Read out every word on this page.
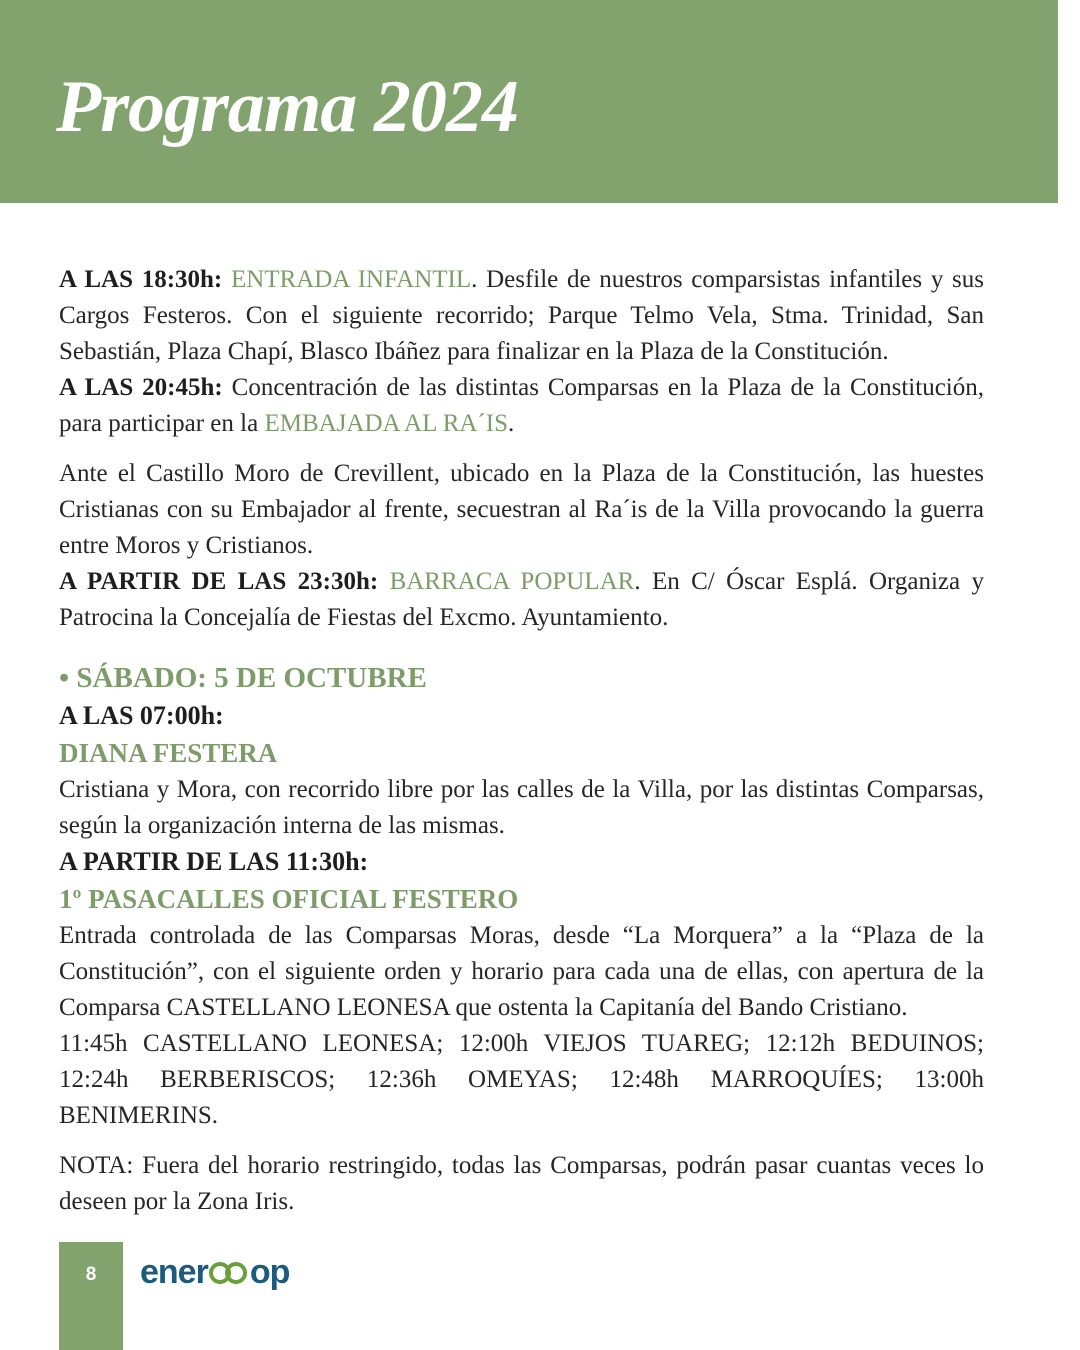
Programa 2024

A LAS 18:30h: ENTRADA INFANTIL. Desfile de nuestros comparsistas infantiles y sus Cargos Festeros. Con el siguiente recorrido; Parque Telmo Vela, Stma. Trinidad, San Sebastián, Plaza Chapí, Blasco Ibáñez para finalizar en la Plaza de la Constitución.

A LAS 20:45h: Concentración de las distintas Comparsas en la Plaza de la Constitución, para participar en la EMBAJADA AL RA´IS.

Ante el Castillo Moro de Crevillent, ubicado en la Plaza de la Constitución, las huestes Cristianas con su Embajador al frente, secuestran al Ra´is de la Villa provocando la guerra entre Moros y Cristianos.

A PARTIR DE LAS 23:30h: BARRACA POPULAR. En C/ Óscar Esplá. Organiza y Patrocina la Concejalía de Fiestas del Excmo. Ayuntamiento.

• SÁBADO: 5 DE OCTUBRE

A LAS 07:00h:

DIANA FESTERA

Cristiana y Mora, con recorrido libre por las calles de la Villa, por las distintas Comparsas, según la organización interna de las mismas.

A PARTIR DE LAS 11:30h:

1º PASACALLES OFICIAL FESTERO

Entrada controlada de las Comparsas Moras, desde “La Morquera” a la “Plaza de la Constitución”, con el siguiente orden y horario para cada una de ellas, con apertura de la Comparsa CASTELLANO LEONESA que ostenta la Capitanía del Bando Cristiano.

11:45h CASTELLANO LEONESA; 12:00h VIEJOS TUAREG; 12:12h BEDUINOS; 12:24h BERBERISCOS; 12:36h OMEYAS; 12:48h MARROQUÍES; 13:00h BENIMERINS.

NOTA: Fuera del horario restringido, todas las Comparsas, podrán pasar cuantas veces lo deseen por la Zona Iris.

8	ener op
